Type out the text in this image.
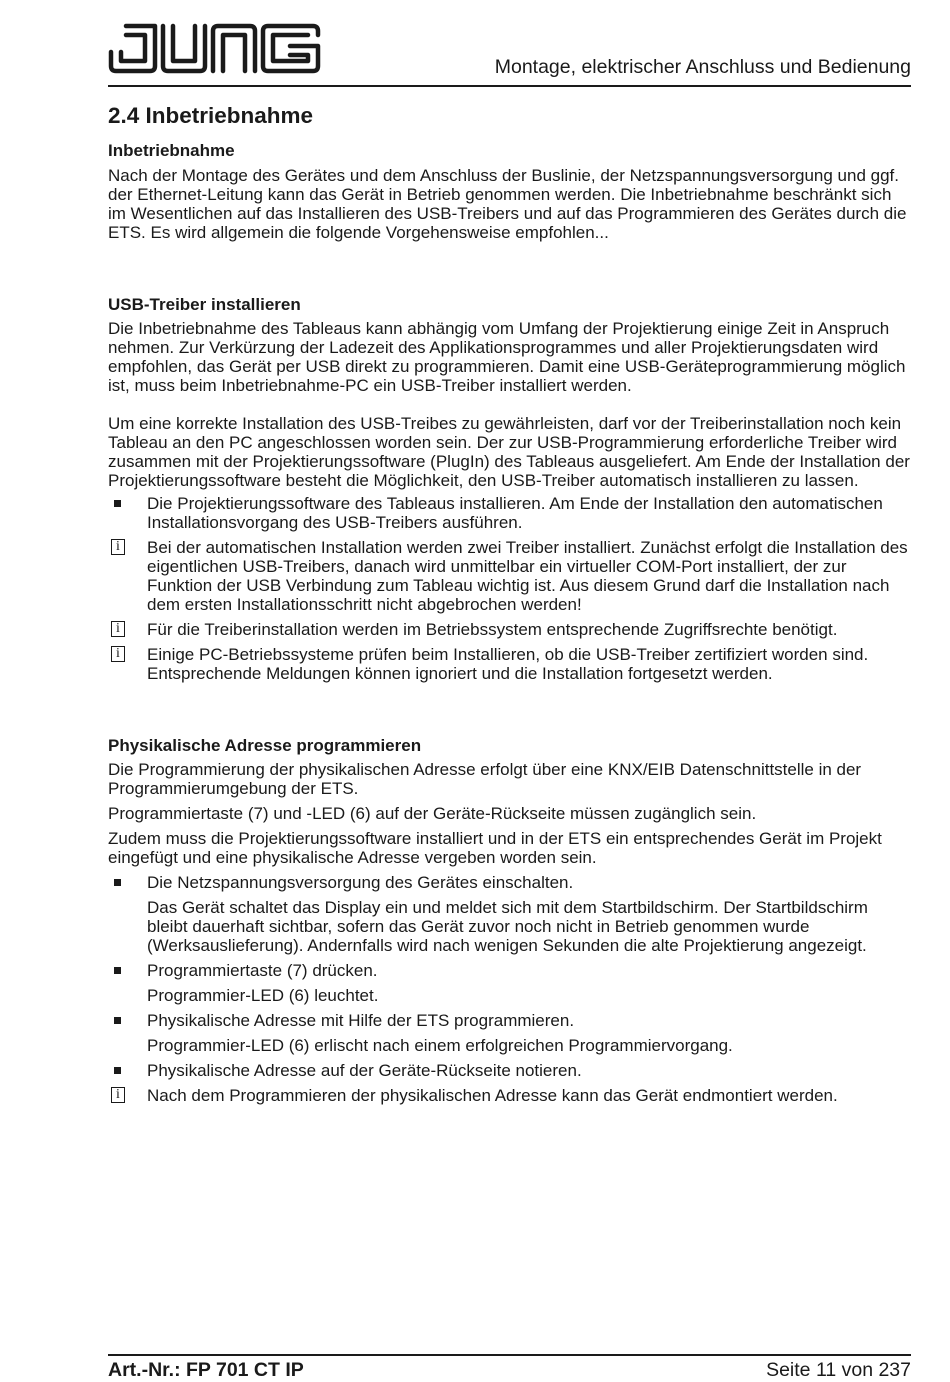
Montage, elektrischer Anschluss und Bedienung
2.4 Inbetriebnahme
Inbetriebnahme

Nach der Montage des Gerätes und dem Anschluss der Buslinie, der Netzspannungsversorgung und ggf. der Ethernet-Leitung kann das Gerät in Betrieb genommen werden. Die Inbetriebnahme beschränkt sich im Wesentlichen auf das Installieren des USB-Treibers und auf das Programmieren des Gerätes durch die ETS. Es wird allgemein die folgende Vorgehensweise empfohlen...

USB-Treiber installieren

Die Inbetriebnahme des Tableaus kann abhängig vom Umfang der Projektierung einige Zeit in Anspruch nehmen. Zur Verkürzung der Ladezeit des Applikationsprogrammes und aller Projektierungsdaten wird empfohlen, das Gerät per USB direkt zu programmieren. Damit eine USB-Geräteprogrammierung möglich ist, muss beim Inbetriebnahme-PC ein USB-Treiber installiert werden.

Um eine korrekte Installation des USB-Treibes zu gewährleisten, darf vor der Treiberinstallation noch kein Tableau an den PC angeschlossen worden sein. Der zur USB-Programmierung erforderliche Treiber wird zusammen mit der Projektierungssoftware (PlugIn) des Tableaus ausgeliefert. Am Ende der Installation der Projektierungssoftware besteht die Möglichkeit, den USB-Treiber automatisch installieren zu lassen.

Die Projektierungssoftware des Tableaus installieren. Am Ende der Installation den automatischen Installationsvorgang des USB-Treibers ausführen.
i Bei der automatischen Installation werden zwei Treiber installiert. Zunächst erfolgt die Installation des eigentlichen USB-Treibers, danach wird unmittelbar ein virtueller COM-Port installiert, der zur Funktion der USB Verbindung zum Tableau wichtig ist. Aus diesem Grund darf die Installation nach dem ersten Installationsschritt nicht abgebrochen werden!
i Für die Treiberinstallation werden im Betriebssystem entsprechende Zugriffsrechte benötigt.
i Einige PC-Betriebssysteme prüfen beim Installieren, ob die USB-Treiber zertifiziert worden sind. Entsprechende Meldungen können ignoriert und die Installation fortgesetzt werden.
Physikalische Adresse programmieren

Die Programmierung der physikalischen Adresse erfolgt über eine KNX/EIB Datenschnittstelle in der Programmierumgebung der ETS.

Programmiertaste (7) und -LED (6) auf der Geräte-Rückseite müssen zugänglich sein.

Zudem muss die Projektierungssoftware installiert und in der ETS ein entsprechendes Gerät im Projekt eingefügt und eine physikalische Adresse vergeben worden sein.

Die Netzspannungsversorgung des Gerätes einschalten.
Das Gerät schaltet das Display ein und meldet sich mit dem Startbildschirm. Der Startbildschirm bleibt dauerhaft sichtbar, sofern das Gerät zuvor noch nicht in Betrieb genommen wurde (Werksauslieferung). Andernfalls wird nach wenigen Sekunden die alte Projektierung angezeigt.
Programmiertaste (7) drücken.
Programmier-LED (6) leuchtet.
Physikalische Adresse mit Hilfe der ETS programmieren.
Programmier-LED (6) erlischt nach einem erfolgreichen Programmiervorgang.
Physikalische Adresse auf der Geräte-Rückseite notieren.
i Nach dem Programmieren der physikalischen Adresse kann das Gerät endmontiert werden.
Art.-Nr.: FP 701 CT IP	Seite 11 von 237
